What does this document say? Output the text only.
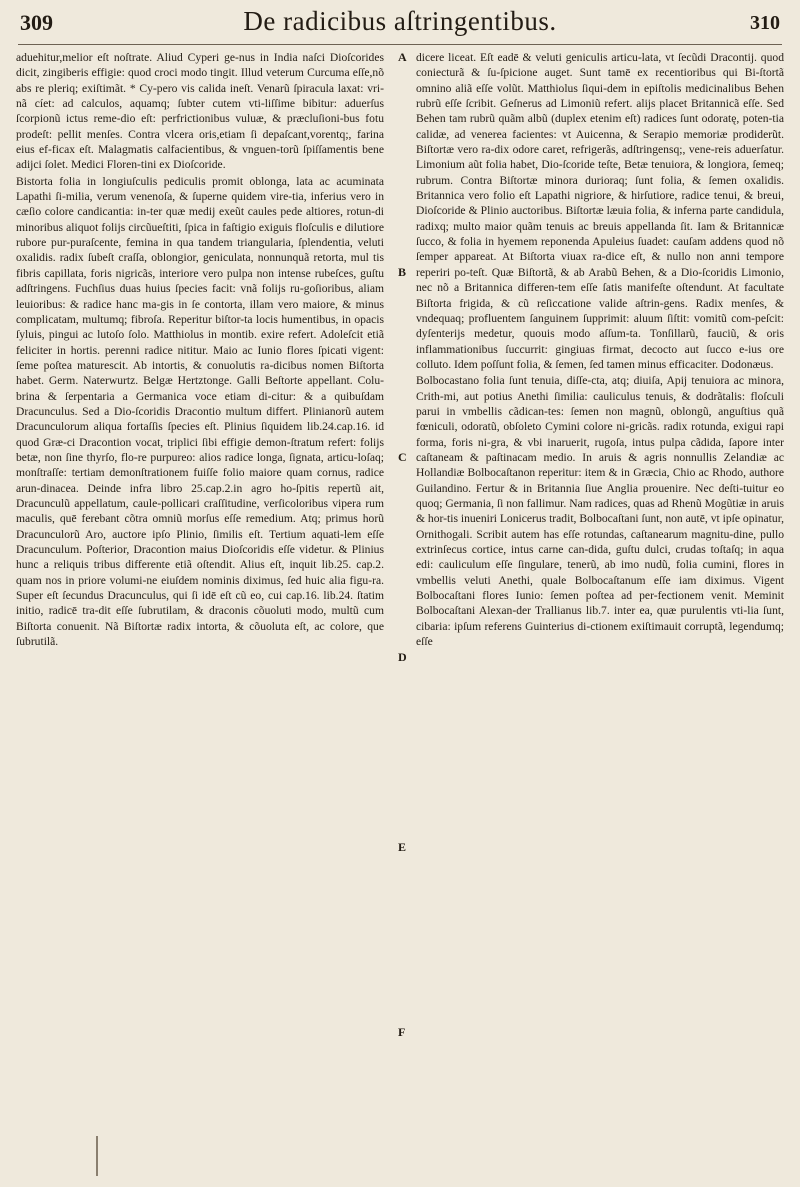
309	De radicibus aſtringentibus.	310

aduehitur,melior eſt noſtrate. Aliud Cyperi ge-nus in India naſci Dioſcorides dicit, zingiberis effigie: quod croci modo tingit. Illud veterum Curcuma eſſe,nõ abs re pleriq; exiſtimãt. * Cy-pero vis calida ineſt. Venarũ ſpiracula laxat: vri-nã cíet: ad calculos, aquamq; ſubter cutem vti-liſſime bibitur: aduerſus ſcorpionũ ictus reme-dio eſt: perfrictionibus vuluæ, & præcluſioni-bus fotu prodeſt: pellit menſes. Contra vlcera oris,etiam ſi depaſcant,vorentq;, farina eius ef-ficax eſt. Malagmatis calfacientibus, & vnguen-torũ ſpiſſamentis bene adijci ſolet. Medici Floren-tini ex Dioſcoride.

Bistorta folia in longiuſculis pediculis promit oblonga, lata ac acuminata Lapathi ſi-milia, verum venenoſa, & ſuperne quidem vire-tia, inferius vero in cæſio colore candicantia: in-ter quæ medij exeũt caules pede altiores, rotun-di minoribus aliquot folijs circũueſtiti, ſpica in faſtigio exiguis floſculis e dilutiore rubore pur-puraſcente, femina in qua tandem triangularia, ſplendentia, veluti oxalidis. radix ſubeſt craſſa, oblongior, geniculata, nonnunquã retorta, mul tis fibris capillata, foris nigricãs, interiore vero pulpa non intense rubeſces, guſtu adſtringens. Fuchſius duas huius ſpecies facit: vnã folijs ru-goſioribus, aliam leuioribus: & radice hanc ma-gis in ſe contorta, illam vero maiore, & minus complicatam, multumq; fibroſa. Reperitur biſtor-ta locis humentibus, in opacis ſyluis, pingui ac lutoſo ſolo. Matthiolus in montib. exire refert. Adoleſcit etiã feliciter in hortis. perenni radice nititur. Maio ac Iunio flores ſpicati vigent: ſeme poſtea maturescit. Ab intortis, & conuolutis ra-dicibus nomen Biſtorta habet. Germ. Naterwurtz. Belgæ Hertztonge. Galli Beſtorte appellant. Colu-brina & ſerpentaria a Germanica voce etiam di-citur: & a quibuſdam Dracunculus. Sed a Dio-ſcoridis Dracontio multum differt. Plinianorũ autem Dracunculorum aliqua fortaſſis ſpecies eſt. Plinius ſiquidem lib.24.cap.16. id quod Græ-ci Dracontion vocat, triplici ſibi effigie demon-ſtratum refert: folijs betæ, non ſine thyrſo, flo-re purpureo: alios radice longa, ſignata, articu-loſaq; monſtraſſe: tertiam demonſtrationem fuiſſe folio maiore quam cornus, radice arun-dinacea. Deinde infra libro 25.cap.2.in agro ho-ſpitis repertũ ait, Dracunculũ appellatum, caule-pollicari craſſitudine, verſicoloribus vipera rum maculis, quē ferebant cõtra omniũ morſus eſſe remedium. Atq; primus horũ Dracunculorũ Aro, auctore ipſo Plinio, ſimilis eſt. Tertium aquati-lem eſſe Dracunculum. Poſterior, Dracontion maius Dioſcoridis eſſe videtur. & Plinius hunc a reliquis tribus differente etiã oſtendit. Alius eſt, inquit lib.25. cap.2. quam nos in priore volumi-ne eiuſdem nominis diximus, ſed huic alia figu-ra. Super eſt ſecundus Dracunculus, qui ſi idē eſt cũ eo, cui cap.16. lib.24. ſtatim initio, radicē tra-dit eſſe ſubrutilam, & draconis cõuoluti modo, multũ cum Biſtorta conuenit. Nã Biſtortæ radix intorta, & cõuoluta eſt, ac colore, que ſubrutilã.

A
B
C
D
E
F

dicere liceat. Eſt eadē & veluti geniculis articu-lata, vt ſecũdi Dracontij. quod coniecturã & ſu-ſpicione auget. Sunt tamē ex recentioribus qui Bi-ſtortã omnino aliã eſſe volũt. Matthiolus ſiqui-dem in epiſtolis medicinalibus Behen rubrũ eſſe ſcribit. Geſnerus ad Limoniũ refert. alijs placet Britannicã eſſe. Sed Behen tam rubrũ quãm albũ (duplex etenim eſt) radices ſunt odoratę, poten-tia calidæ, ad venerea facientes: vt Auicenna, & Serapio memoriæ prodiderũt. Biſtortæ vero ra-dix odore caret, refrigerãs, adſtringensq;, vene-reis aduerſatur. Limonium aũt folia habet, Dio-ſcoride teſte, Betæ tenuiora, & longiora, ſemeq; rubrum. Contra Biſtortæ minora durioraq; ſunt folia, & ſemen oxalidis. Britannica vero folio eſt Lapathi nigriore, & hirſutiore, radice tenui, & breui, Dioſcoride & Plinio auctoribus. Biſtortæ læuia folia, & inferna parte candidula, radixq; multo maior quãm tenuis ac breuis appellanda ſit. Iam & Britannicæ ſucco, & folia in hyemem reponenda Apuleius ſuadet: cauſam addens quod nõ ſemper appareat. At Biſtorta viuax ra-dice eſt, & nullo non anni tempore reperiri po-teſt. Quæ Biſtortã, & ab Arabũ Behen, & a Dio-ſcoridis Limonio, nec nõ a Britannica differen-tem eſſe ſatis manifeſte oſtendunt. At facultate Biſtorta frigida, & cũ reſiccatione valide aſtrin-gens. Radix menſes, & vndequaq; profluentem ſanguinem ſupprimit: aluum ſiſtit: vomitũ com-peſcit: dyſenterijs medetur, quouis modo aſſum-ta. Tonſillarũ, fauciũ, & oris inflammationibus ſuccurrit: gingiuas firmat, decocto aut ſucco e-ius ore colluto. Idem poſſunt folia, & ſemen, ſed tamen minus efficaciter. Dodonæus.

Bolbocastano folia ſunt tenuia, diſſe-cta, atq; diuiſa, Apij tenuiora ac minora, Crith-mi, aut potius Anethi ſimilia: cauliculus tenuis, & dodrãtalis: floſculi parui in vmbellis cãdican-tes: ſemen non magnũ, oblongũ, anguſtius quã fœniculi, odoratũ, obſoleto Cymini colore ni-gricãs. radix rotunda, exigui rapi forma, foris ni-gra, & vbi inaruerit, rugoſa, intus pulpa cãdida, ſapore inter caſtaneam & paſtinacam medio. In aruis & agris nonnullis Zelandiæ ac Hollandiæ Bolbocaſtanon reperitur: item & in Græcia, Chio ac Rhodo, authore Guilandino. Fertur & in Britannia ſiue Anglia prouenire. Nec deſti-tuitur eo quoq; Germania, ſi non fallimur. Nam radices, quas ad Rhenũ Mogũtiæ in aruis & hor-tis inueniri Lonicerus tradit, Bolbocaſtani ſunt, non autē, vt ipſe opinatur, Ornithogali. Scribit autem has eſſe rotundas, caſtanearum magnitu-dine, pullo extrinſecus cortice, intus carne can-dida, guſtu dulci, crudas toſtaſq; in aqua edi: cauliculum eſſe ſingulare, tenerũ, ab imo nudũ, folia cumini, flores in vmbellis veluti Anethi, quale Bolbocaſtanum eſſe iam diximus. Vigent Bolbocaſtani flores Iunio: ſemen poſtea ad per-fectionem venit. Meminit Bolbocaſtani Alexan-der Trallianus lib.7. inter ea, quæ purulentis vti-lia ſunt, cibaria: ipſum referens Guinterius di-ctionem exiſtimauit corruptã, legendumq; eſſe
